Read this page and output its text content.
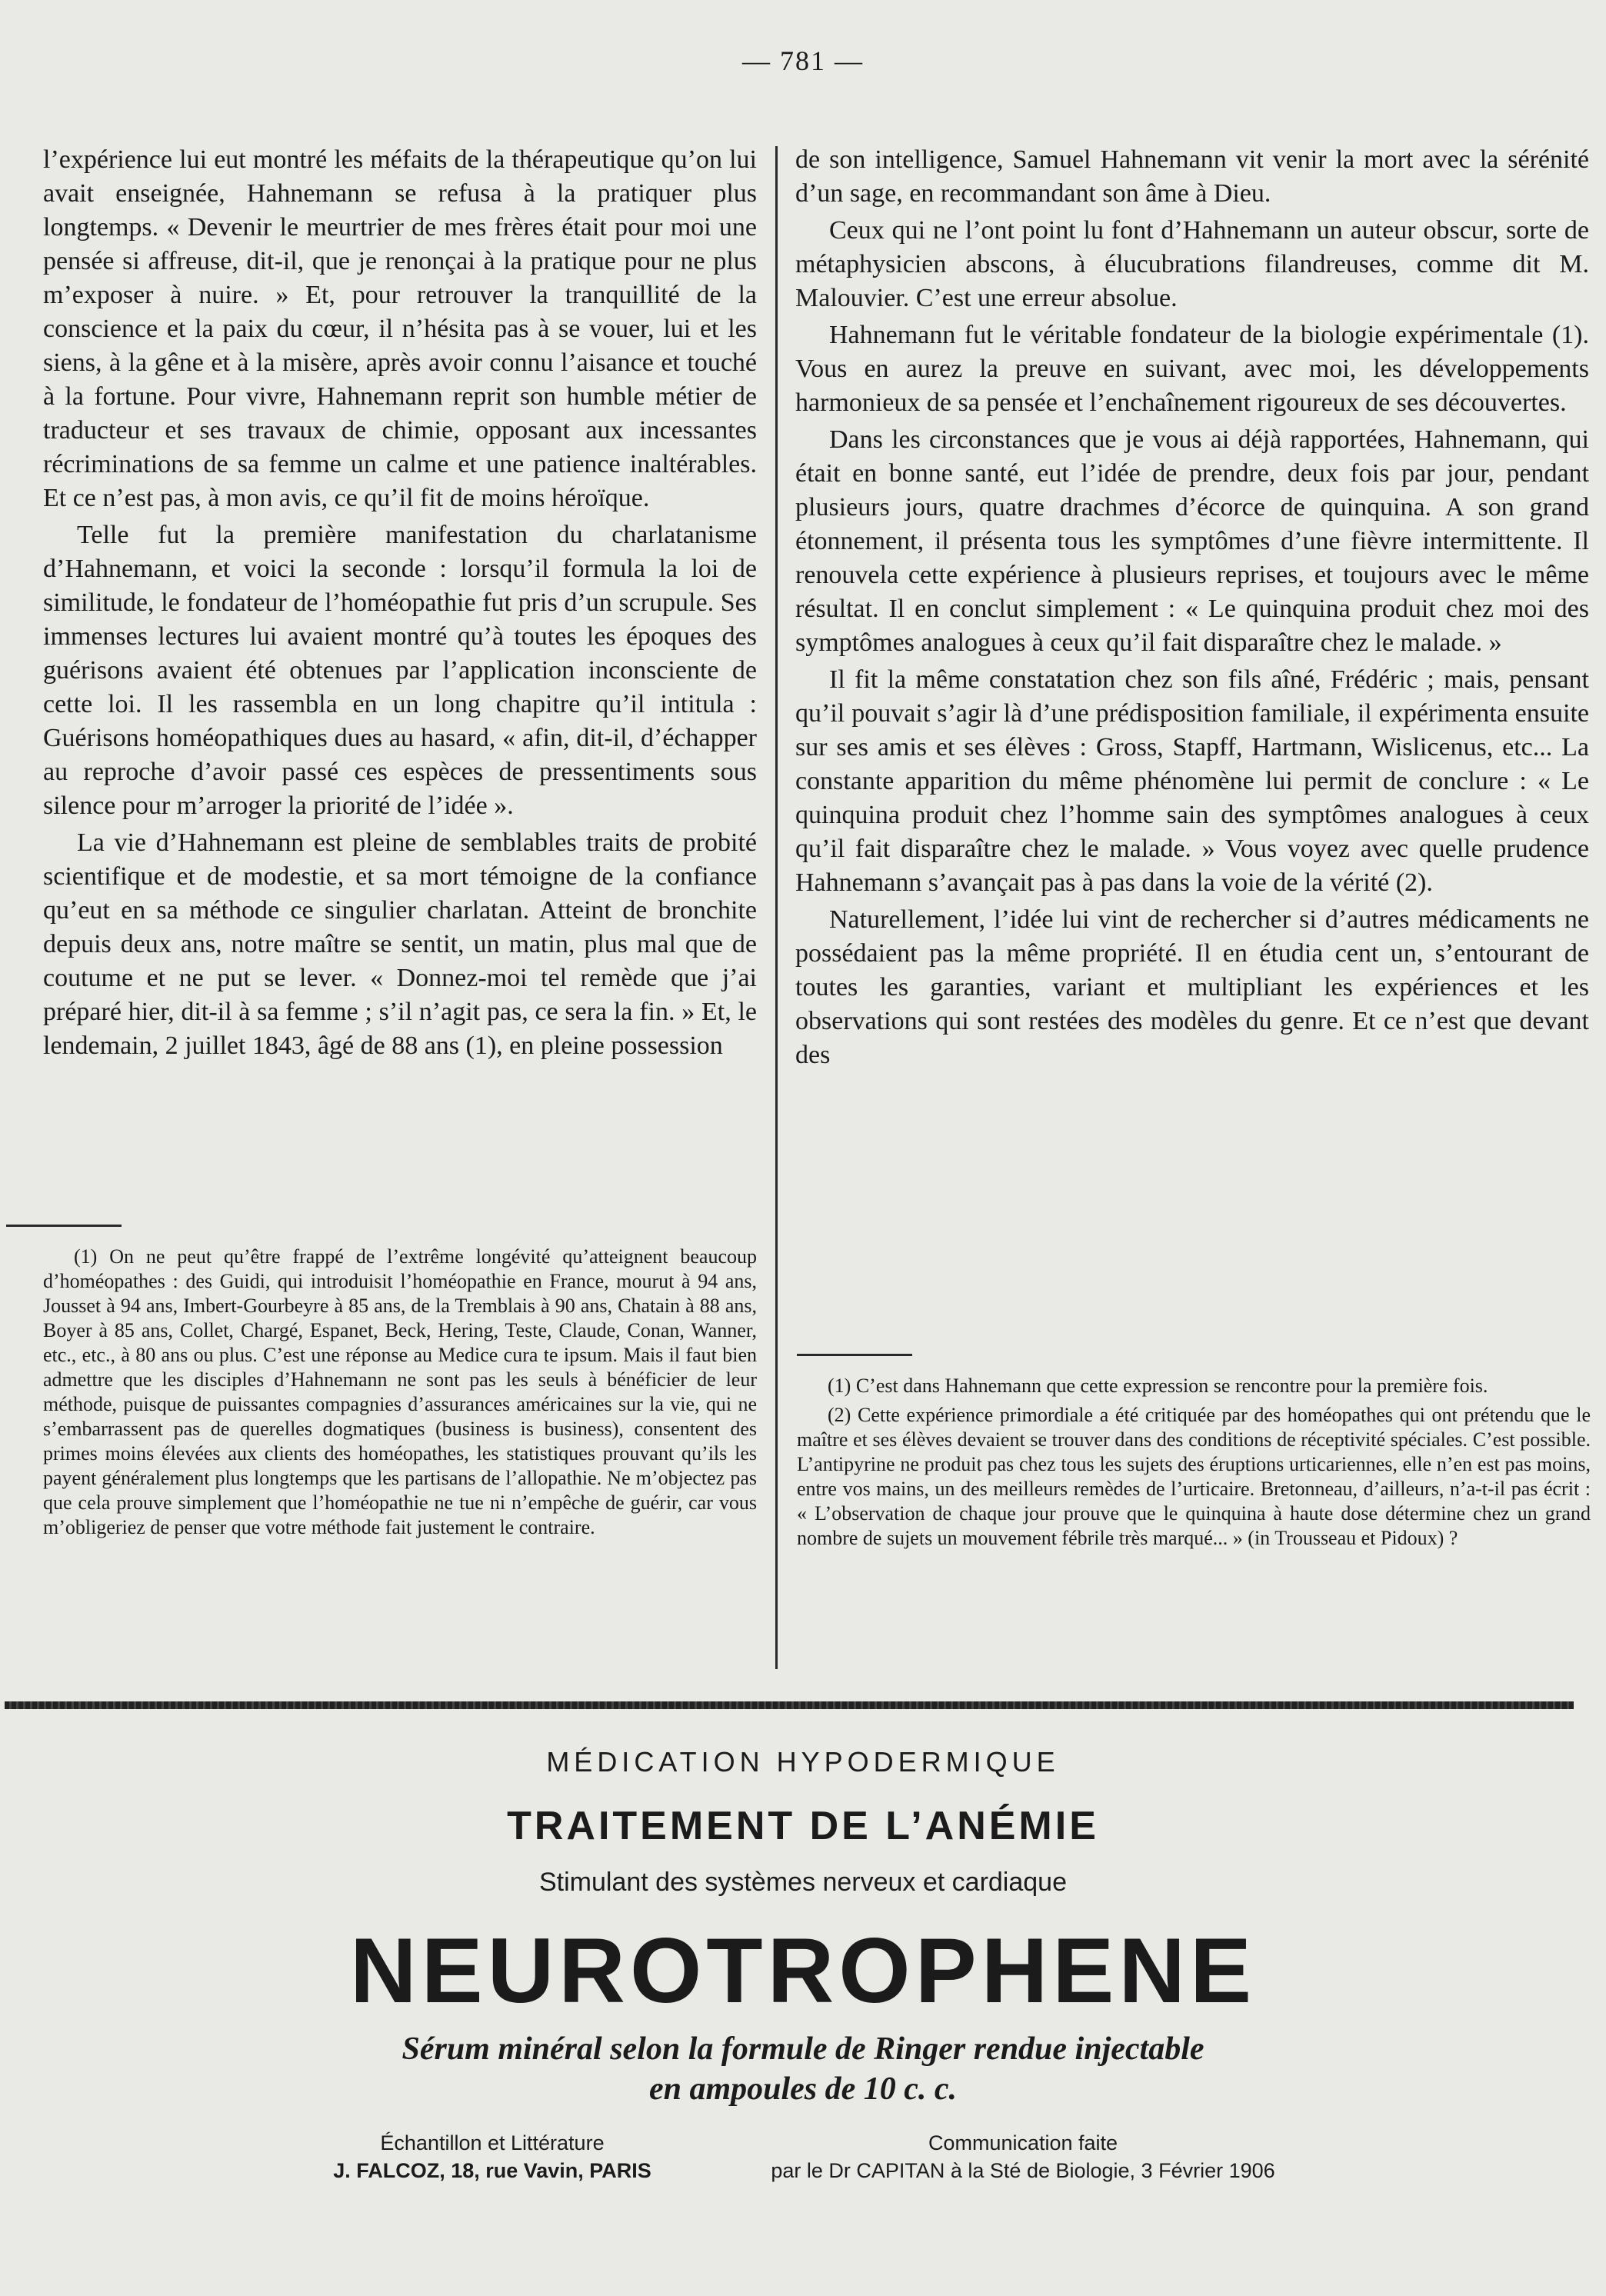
— 781 —

l’expérience lui eut montré les méfaits de la thérapeutique qu’on lui avait enseignée, Hahnemann se refusa à la pratiquer plus longtemps. « Devenir le meurtrier de mes frères était pour moi une pensée si affreuse, dit-il, que je renonçai à la pratique pour ne plus m’exposer à nuire. » Et, pour retrouver la tranquillité de la conscience et la paix du cœur, il n’hésita pas à se vouer, lui et les siens, à la gêne et à la misère, après avoir connu l’aisance et touché à la fortune. Pour vivre, Hahnemann reprit son humble métier de traducteur et ses travaux de chimie, opposant aux incessantes récriminations de sa femme un calme et une patience inaltérables. Et ce n’est pas, à mon avis, ce qu’il fit de moins héroïque.

Telle fut la première manifestation du charlatanisme d’Hahnemann, et voici la seconde : lorsqu’il formula la loi de similitude, le fondateur de l’homéopathie fut pris d’un scrupule. Ses immenses lectures lui avaient montré qu’à toutes les époques des guérisons avaient été obtenues par l’application inconsciente de cette loi. Il les rassembla en un long chapitre qu’il intitula : Guérisons homéopathiques dues au hasard, « afin, dit-il, d’échapper au reproche d’avoir passé ces espèces de pressentiments sous silence pour m’arroger la priorité de l’idée ».

La vie d’Hahnemann est pleine de semblables traits de probité scientifique et de modestie, et sa mort témoigne de la confiance qu’eut en sa méthode ce singulier charlatan. Atteint de bronchite depuis deux ans, notre maître se sentit, un matin, plus mal que de coutume et ne put se lever. « Donnez-moi tel remède que j’ai préparé hier, dit-il à sa femme ; s’il n’agit pas, ce sera la fin. » Et, le lendemain, 2 juillet 1843, âgé de 88 ans (1), en pleine possession

de son intelligence, Samuel Hahnemann vit venir la mort avec la sérénité d’un sage, en recommandant son âme à Dieu.

Ceux qui ne l’ont point lu font d’Hahnemann un auteur obscur, sorte de métaphysicien abscons, à élucubrations filandreuses, comme dit M. Malouvier. C’est une erreur absolue.

Hahnemann fut le véritable fondateur de la biologie expérimentale (1). Vous en aurez la preuve en suivant, avec moi, les développements harmonieux de sa pensée et l’enchaînement rigoureux de ses découvertes.

Dans les circonstances que je vous ai déjà rapportées, Hahnemann, qui était en bonne santé, eut l’idée de prendre, deux fois par jour, pendant plusieurs jours, quatre drachmes d’écorce de quinquina. A son grand étonnement, il présenta tous les symptômes d’une fièvre intermittente. Il renouvela cette expérience à plusieurs reprises, et toujours avec le même résultat. Il en conclut simplement : « Le quinquina produit chez moi des symptômes analogues à ceux qu’il fait disparaître chez le malade. »

Il fit la même constatation chez son fils aîné, Frédéric ; mais, pensant qu’il pouvait s’agir là d’une prédisposition familiale, il expérimenta ensuite sur ses amis et ses élèves : Gross, Stapff, Hartmann, Wislicenus, etc... La constante apparition du même phénomène lui permit de conclure : « Le quinquina produit chez l’homme sain des symptômes analogues à ceux qu’il fait disparaître chez le malade. » Vous voyez avec quelle prudence Hahnemann s’avançait pas à pas dans la voie de la vérité (2).

Naturellement, l’idée lui vint de rechercher si d’autres médicaments ne possédaient pas la même propriété. Il en étudia cent un, s’entourant de toutes les garanties, variant et multipliant les expériences et les observations qui sont restées des modèles du genre. Et ce n’est que devant des

(1) On ne peut qu’être frappé de l’extrême longévité qu’atteignent beaucoup d’homéopathes : des Guidi, qui introduisit l’homéopathie en France, mourut à 94 ans, Jousset à 94 ans, Imbert-Gourbeyre à 85 ans, de la Tremblais à 90 ans, Chatain à 88 ans, Boyer à 85 ans, Collet, Chargé, Espanet, Beck, Hering, Teste, Claude, Conan, Wanner, etc., etc., à 80 ans ou plus. C’est une réponse au Medice cura te ipsum. Mais il faut bien admettre que les disciples d’Hahnemann ne sont pas les seuls à bénéficier de leur méthode, puisque de puissantes compagnies d’assurances américaines sur la vie, qui ne s’embarrassent pas de querelles dogmatiques (business is business), consentent des primes moins élevées aux clients des homéopathes, les statistiques prouvant qu’ils les payent généralement plus longtemps que les partisans de l’allopathie. Ne m’objectez pas que cela prouve simplement que l’homéopathie ne tue ni n’empêche de guérir, car vous m’obligeriez de penser que votre méthode fait justement le contraire.

(1) C’est dans Hahnemann que cette expression se rencontre pour la première fois.

(2) Cette expérience primordiale a été critiquée par des homéopathes qui ont prétendu que le maître et ses élèves devaient se trouver dans des conditions de réceptivité spéciales. C’est possible. L’antipyrine ne produit pas chez tous les sujets des éruptions urticariennes, elle n’en est pas moins, entre vos mains, un des meilleurs remèdes de l’urticaire. Bretonneau, d’ailleurs, n’a-t-il pas écrit : « L’observation de chaque jour prouve que le quinquina à haute dose détermine chez un grand nombre de sujets un mouvement fébrile très marqué... » (in Trousseau et Pidoux) ?

MÉDICATION HYPODERMIQUE
TRAITEMENT DE L’ANÉMIE
Stimulant des systèmes nerveux et cardiaque
NEUROTROPHENE
Sérum minéral selon la formule de Ringer rendue injectable
en ampoules de 10 c. c.
Échantillon et Littérature
J. FALCOZ, 18, rue Vavin, PARIS
Communication faite
par le Dr CAPITAN à la Sté de Biologie, 3 Février 1906
